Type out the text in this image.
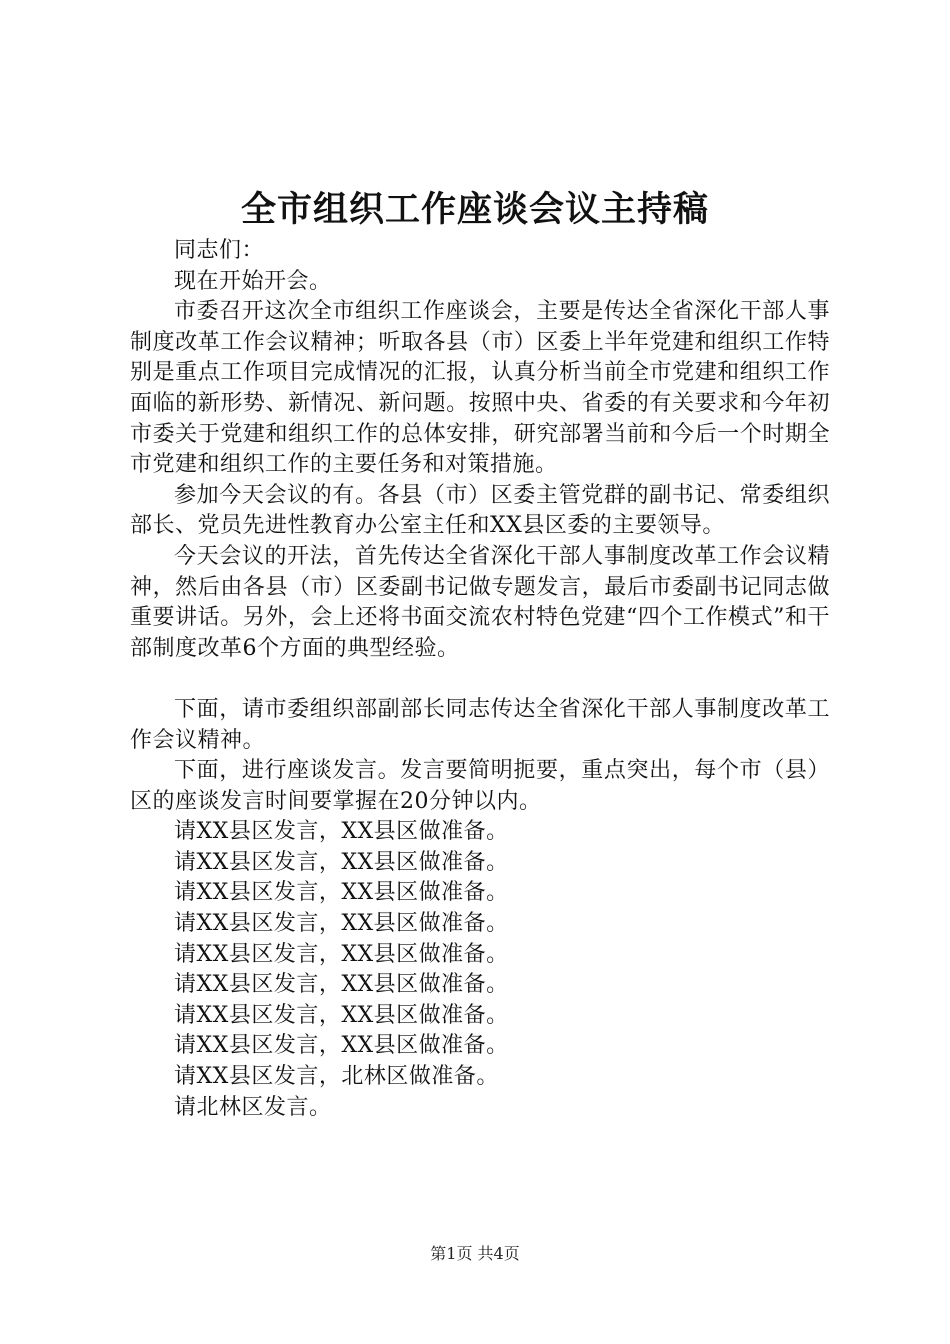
全市组织工作座谈会议主持稿

同志们：

现在开始开会。

市委召开这次全市组织工作座谈会，主要是传达全省深化干部人事制度改革工作会议精神；听取各县（市）区委上半年党建和组织工作特别是重点工作项目完成情况的汇报，认真分析当前全市党建和组织工作面临的新形势、新情况、新问题。按照中央、省委的有关要求和今年初市委关于党建和组织工作的总体安排，研究部署当前和今后一个时期全市党建和组织工作的主要任务和对策措施。

参加今天会议的有。各县（市）区委主管党群的副书记、常委组织部长、党员先进性教育办公室主任和XX县区委的主要领导。

今天会议的开法，首先传达全省深化干部人事制度改革工作会议精神，然后由各县（市）区委副书记做专题发言，最后市委副书记同志做重要讲话。另外，会上还将书面交流农村特色党建“四个工作模式”和干部制度改革6个方面的典型经验。

下面，请市委组织部副部长同志传达全省深化干部人事制度改革工作会议精神。

下面，进行座谈发言。发言要简明扼要，重点突出，每个市（县）区的座谈发言时间要掌握在20分钟以内。

请XX县区发言，XX县区做准备。

请XX县区发言，XX县区做准备。

请XX县区发言，XX县区做准备。

请XX县区发言，XX县区做准备。

请XX县区发言，XX县区做准备。

请XX县区发言，XX县区做准备。

请XX县区发言，XX县区做准备。

请XX县区发言，XX县区做准备。

请XX县区发言，北林区做准备。

请北林区发言。

第1页 共4页
